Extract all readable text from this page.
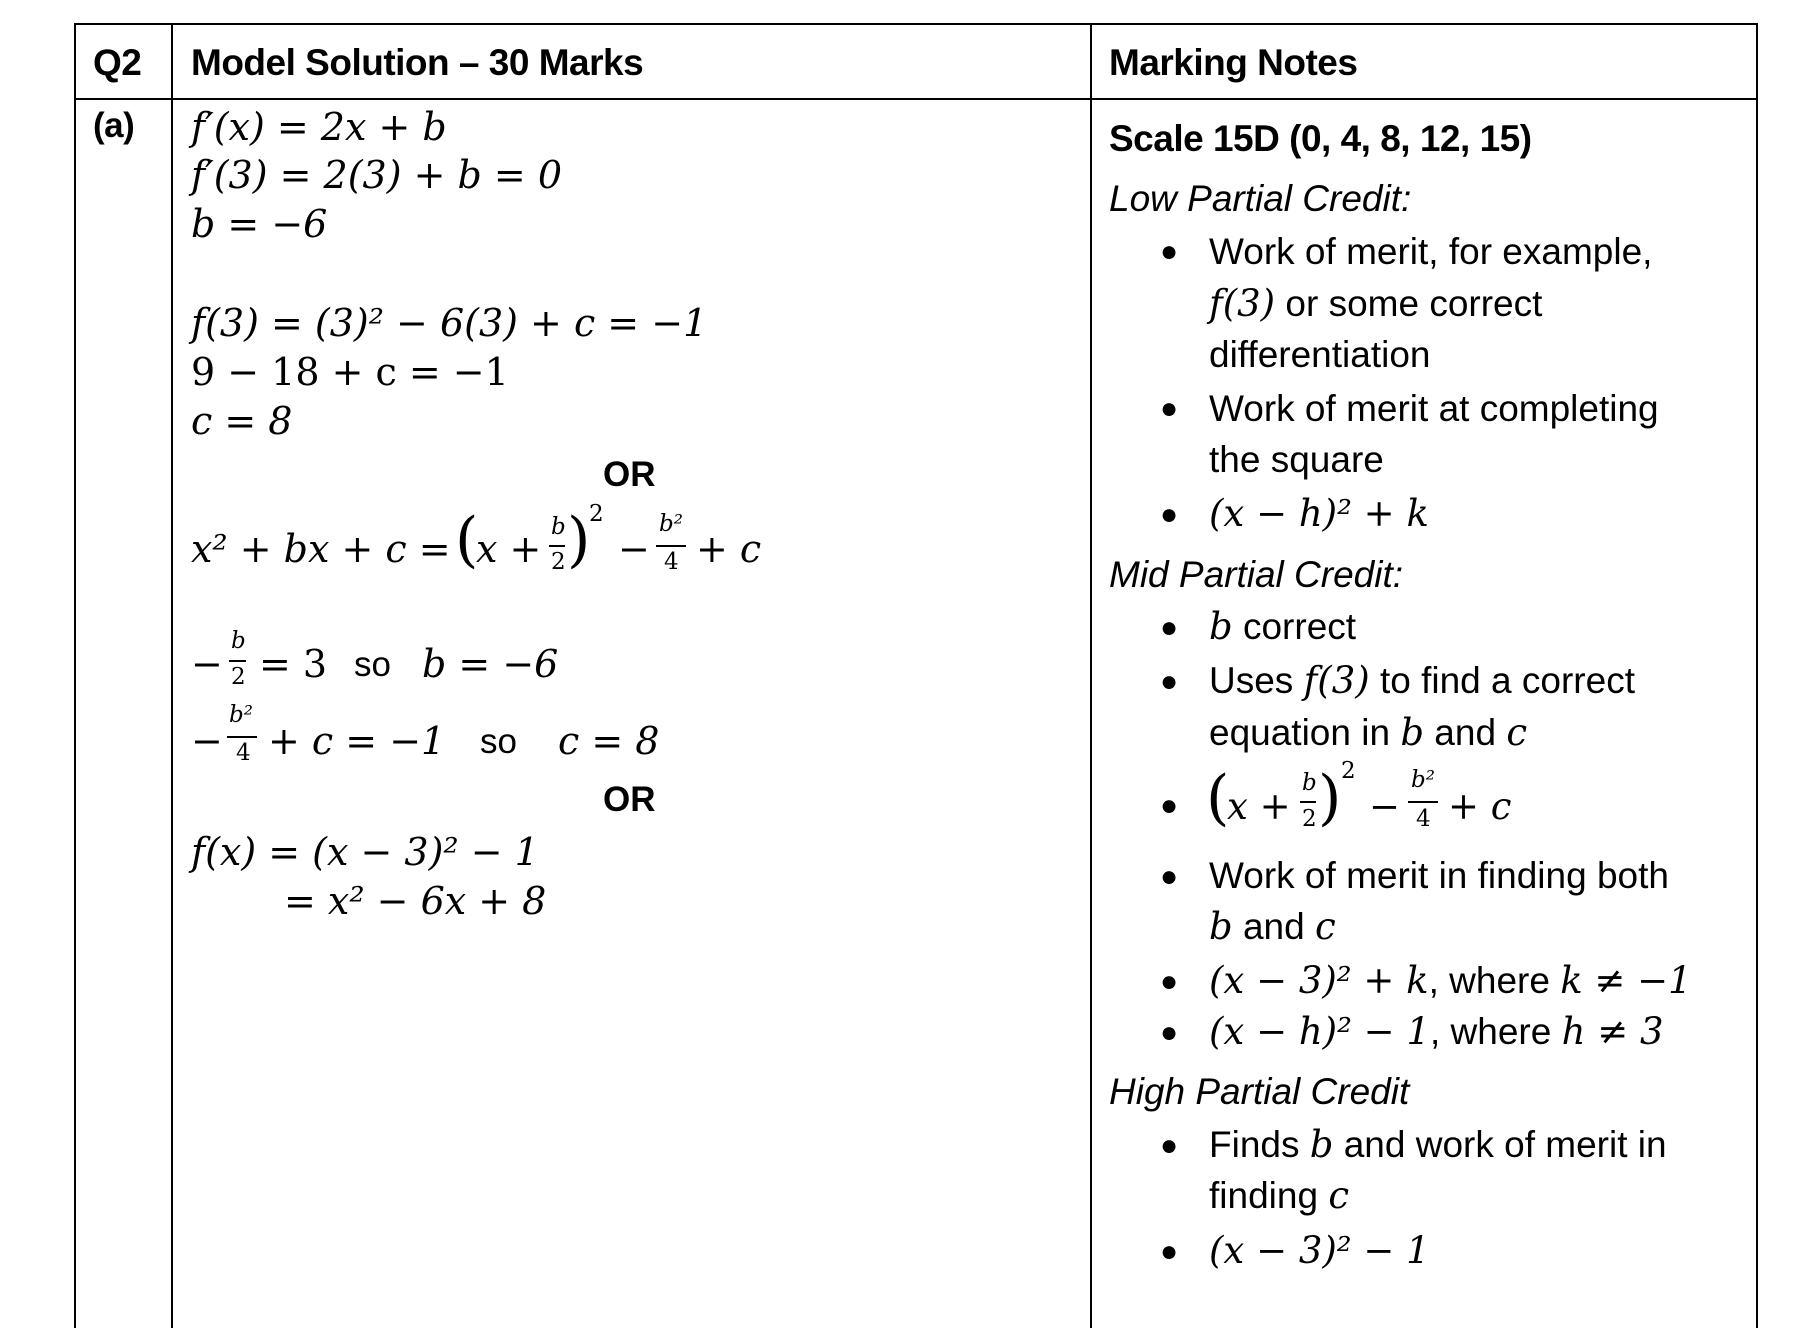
Q2 Model Solution – 30 Marks	Marking Notes
(a) f′(x) = 2x + b
f′(3) = 2(3) + b = 0
b = −6
f(3) = (3)² − 6(3) + c = −1
9 − 18 + c = −1
c = 8
OR
x² + bx + c = (
x + b
2 )
2
−
b²
4 + c
−
b
2 = 3 so b = −6
−
b²
4 + c = −1 so c = 8
OR
f(x) = (x − 3)² − 1
= x² − 6x + 8
Scale 15D (0, 4, 8, 12, 15)
Low Partial Credit:
● Work of merit, for example,
f(3) or some correct
differentiation
● Work of merit at completing
the square
● (x − h)² + k
Mid Partial Credit:
● b correct
● Uses f(3) to find a correct
equation in b and c
● (
x +
b
2 ) 2
−
b²
4 + c
● Work of merit in finding both
b and c
● (x − 3)² + k, where k ≠ −1
● (x − h)² − 1, where h ≠ 3
High Partial Credit
● Finds b and work of merit in
finding c
● (x − 3)² − 1
